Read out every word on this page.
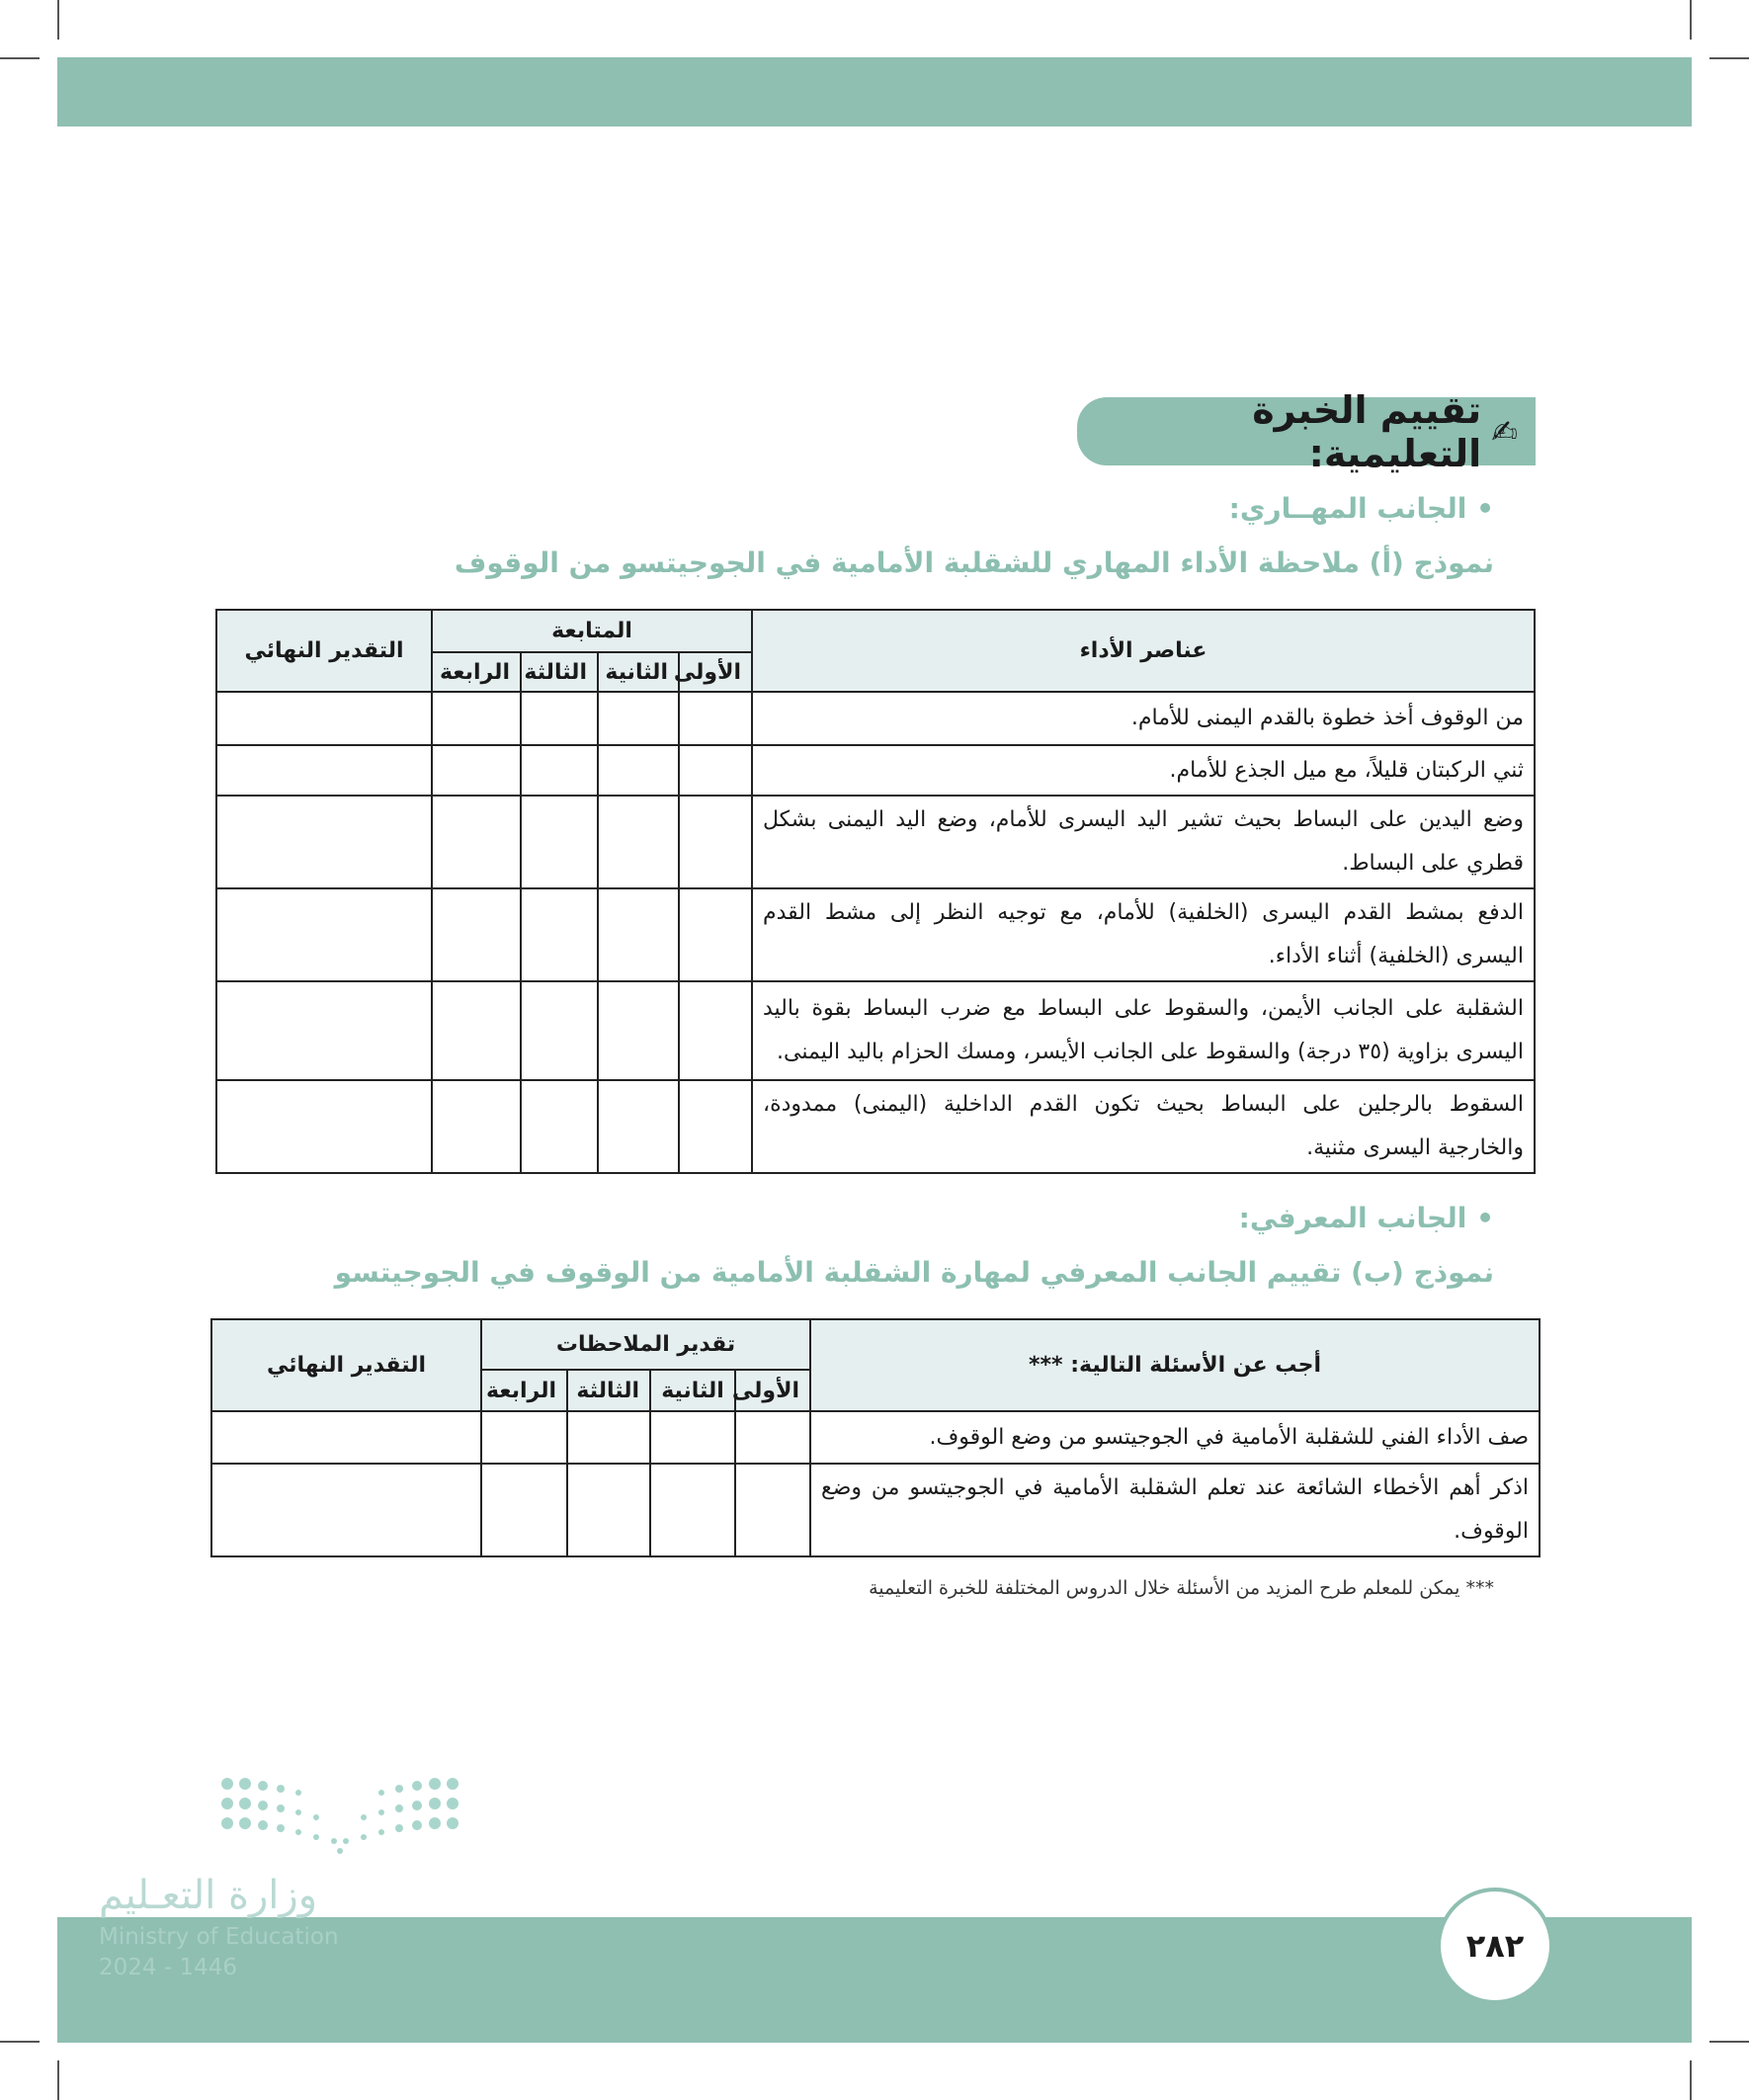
✍
تقييم الخبرة التعليمية:
• الجانب المهــاري:
نموذج (أ) ملاحظة الأداء المهاري للشقلبة الأمامية في الجوجيتسو من الوقوف
عناصر الأداء	المتابعة				التقدير النهائي
	الأولى	الثانية	الثالثة	الرابعة	
من الوقوف أخذ خطوة بالقدم اليمنى للأمام.					
ثني الركبتان قليلاً، مع ميل الجذع للأمام.					
وضع اليدين على البساط بحيث تشير اليد اليسرى للأمام، وضع اليد اليمنى بشكل قطري على البساط.					
الدفع بمشط القدم اليسرى (الخلفية) للأمام، مع توجيه النظر إلى مشط القدم اليسرى (الخلفية) أثناء الأداء.					
الشقلبة على الجانب الأيمن، والسقوط على البساط مع ضرب البساط بقوة باليد اليسرى بزاوية (٣٥ درجة) والسقوط على الجانب الأيسر، ومسك الحزام باليد اليمنى.					
السقوط بالرجلين على البساط بحيث تكون القدم الداخلية (اليمنى) ممدودة، والخارجية اليسرى مثنية.					
• الجانب المعرفي:
نموذج (ب) تقييم الجانب المعرفي لمهارة الشقلبة الأمامية من الوقوف في الجوجيتسو
أجب عن الأسئلة التالية: ***	تقدير الملاحظات				التقدير النهائي
	الأولى	الثانية	الثالثة	الرابعة	
صف الأداء الفني للشقلبة الأمامية في الجوجيتسو من وضع الوقوف.					
اذكر أهم الأخطاء الشائعة عند تعلم الشقلبة الأمامية في الجوجيتسو من وضع الوقوف.					
*** يمكن للمعلم طرح المزيد من الأسئلة خلال الدروس المختلفة للخبرة التعليمية
وزارة التعـليم
Ministry of Education
2024 - 1446
٢٨٢
